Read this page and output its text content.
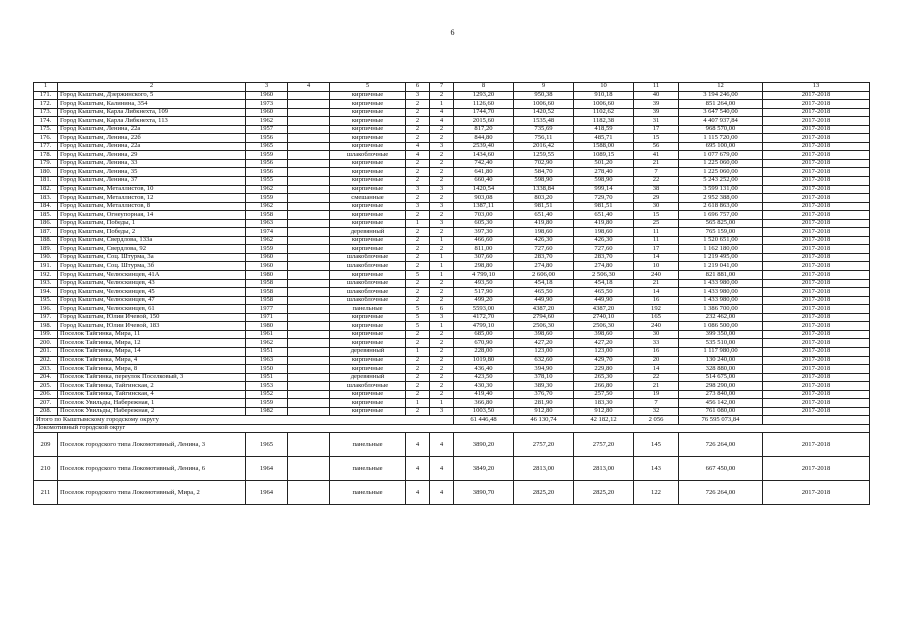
6
1	2	3	4	5	6	7	8	9	10	11	12	13
171.	Город Кыштым, Дзержинского, 5	1960		кирпичные	3	2	1293,20	950,38	910,18	40	3 194 246,00	2017-2018
172.	Город Кыштым, Калинина, 354	1973		кирпичные	2	1	1126,60	1006,60	1006,60	39	851 264,00	2017-2018
173.	Город Кыштым, Карла Либкнехта, 109	1960		кирпичные	2	4	1744,70	1420,52	1102,62	39	3 647 540,00	2017-2018
174.	Город Кыштым, Карла Либкнехта, 113	1962		кирпичные	2	4	2015,60	1535,48	1182,38	31	4 407 937,84	2017-2018
175.	Город Кыштым, Ленина, 22а	1957		кирпичные	2	2	817,20	735,69	418,59	17	968 570,00	2017-2018
176.	Город Кыштым, Ленина, 22б	1956		кирпичные	2	2	844,80	756,11	485,71	15	1 115 720,00	2017-2018
177.	Город Кыштым, Ленина, 22а	1965		кирпичные	4	3	2539,40	2016,42	1588,00	56	695 100,00	2017-2018
178.	Город Кыштым, Ленина, 29	1959		шлакоблочные	4	2	1434,60	1259,55	1089,15	41	1 077 679,00	2017-2018
179.	Город Кыштым, Ленина, 33	1956		кирпичные	2	2	742,40	702,90	501,20	21	1 225 060,00	2017-2018
180.	Город Кыштым, Ленина, 35	1956		кирпичные	2	2	641,80	584,70	278,40	7	1 225 060,00	2017-2018
181.	Город Кыштым, Ленина, 37	1955		кирпичные	2	2	660,40	598,90	598,90	22	5 243 252,00	2017-2018
182.	Город Кыштым, Металлистов, 10	1962		кирпичные	3	3	1420,54	1338,84	999,14	38	3 599 131,00	2017-2018
183.	Город Кыштым, Металлистов, 12	1959		смешанные	2	2	903,08	803,20	729,70	29	2 952 388,00	2017-2018
184.	Город Кыштым, Металлистов, 8	1962		кирпичные	3	3	1387,11	981,51	981,51	30	2 618 863,00	2017-2018
185.	Город Кыштым, Огнеупорная, 14	1958		кирпичные	2	2	703,00	651,40	651,40	15	1 696 757,00	2017-2018
186.	Город Кыштым, Победы, 1	1963		кирпичные	1	3	605,30	419,80	419,80	25	565 825,00	2017-2018
187.	Город Кыштым, Победы, 2	1974		деревянный	2	2	397,30	198,60	198,60	11	765 159,00	2017-2018
188.	Город Кыштым, Свердлова, 133а	1962		кирпичные	2	1	466,60	426,30	426,30	11	1 520 651,00	2017-2018
189.	Город Кыштым, Свердлова, 92	1959		кирпичные	2	2	811,00	727,60	727,60	17	1 162 180,00	2017-2018
190.	Город Кыштым, Соц. Штурма, 3а	1960		шлакоблочные	2	1	307,60	283,70	283,70	14	1 219 495,00	2017-2018
191.	Город Кыштым, Соц. Штурма, 3б	1960		шлакоблочные	2	1	298,80	274,80	274,80	10	1 219 041,00	2017-2018
192.	Город Кыштым, Челюскинцев, 41А	1980		кирпичные	5	1	4 799,10	2 606,00	2 506,30	240	821 881,00	2017-2018
193.	Город Кыштым, Челюскинцев, 43	1958		шлакоблочные	2	2	493,50	454,18	454,18	21	1 433 980,00	2017-2018
194.	Город Кыштым, Челюскинцев, 45	1958		шлакоблочные	2	2	517,90	465,50	465,50	14	1 433 980,00	2017-2018
195.	Город Кыштым, Челюскинцев, 47	1958		шлакоблочные	2	2	499,20	449,90	449,90	16	1 433 980,00	2017-2018
196.	Город Кыштым, Челюскинцев, 61	1977		панельные	5	6	5593,00	4387,20	4387,20	192	1 386 700,00	2017-2018
197.	Город Кыштым, Юлии Ичевой, 150	1971		кирпичные	5	3	4172,70	2794,60	2740,10	165	232 462,00	2017-2018
198.	Город Кыштым, Юлии Ичевой, 183	1980		кирпичные	5	1	4799,10	2506,30	2506,30	240	1 086 500,00	2017-2018
199.	Поселок Тайгинка, Мира, 11	1961		кирпичные	2	2	685,00	398,60	398,60	30	399 350,00	2017-2018
200.	Поселок Тайгинка, Мира, 12	1962		кирпичные	2	2	670,90	427,20	427,20	33	535 510,00	2017-2018
201.	Поселок Тайгинка, Мира, 14	1951		деревянный	1	2	228,00	123,00	123,00	16	1 117 980,00	2017-2018
202.	Поселок Тайгинка, Мира, 4	1963		кирпичные	2	2	1019,80	632,60	429,70	20	130 240,00	2017-2018
203.	Поселок Тайгинка, Мира, 8	1950		кирпичные	2	2	436,40	394,90	229,80	14	328 880,00	2017-2018
204.	Поселок Тайгинка, переулок Поселковый, 3	1951		деревянный	2	2	423,50	378,10	265,30	22	514 675,00	2017-2018
205.	Поселок Тайгинка, Тайгинская, 2	1953		шлакоблочные	2	2	430,30	389,30	266,80	21	298 290,00	2017-2018
206.	Поселок Тайгинка, Тайгинская, 4	1952		кирпичные	2	2	419,40	376,70	257,50	19	273 840,00	2017-2018
207.	Поселок Увильды, Набережная, 1	1959		кирпичные	1	1	366,80	281,90	183,30	7	456 142,00	2017-2018
208.	Поселок Увильды, Набережная, 2	1982		кирпичные	2	3	1003,50	912,80	912,80	32	761 080,00	2017-2018
Итого по Кыштымскому городскому округу							61 446,48	46 130,74	42 182,12	2 056	76 595 073,84	
Локомотивный городской округ												
209	Поселок городского типа Локомотивный, Ленина, 3	1965		панельные	4	4	3890,20	2757,20	2757,20	145	726 264,00	2017-2018
210	Поселок городского типа Локомотивный, Ленина, 6	1964		панельные	4	4	3849,20	2813,00	2813,00	143	667 450,00	2017-2018
211	Поселок городского типа Локомотивный, Мира, 2	1964		панельные	4	4	3890,70	2825,20	2825,20	122	726 264,00	2017-2018
